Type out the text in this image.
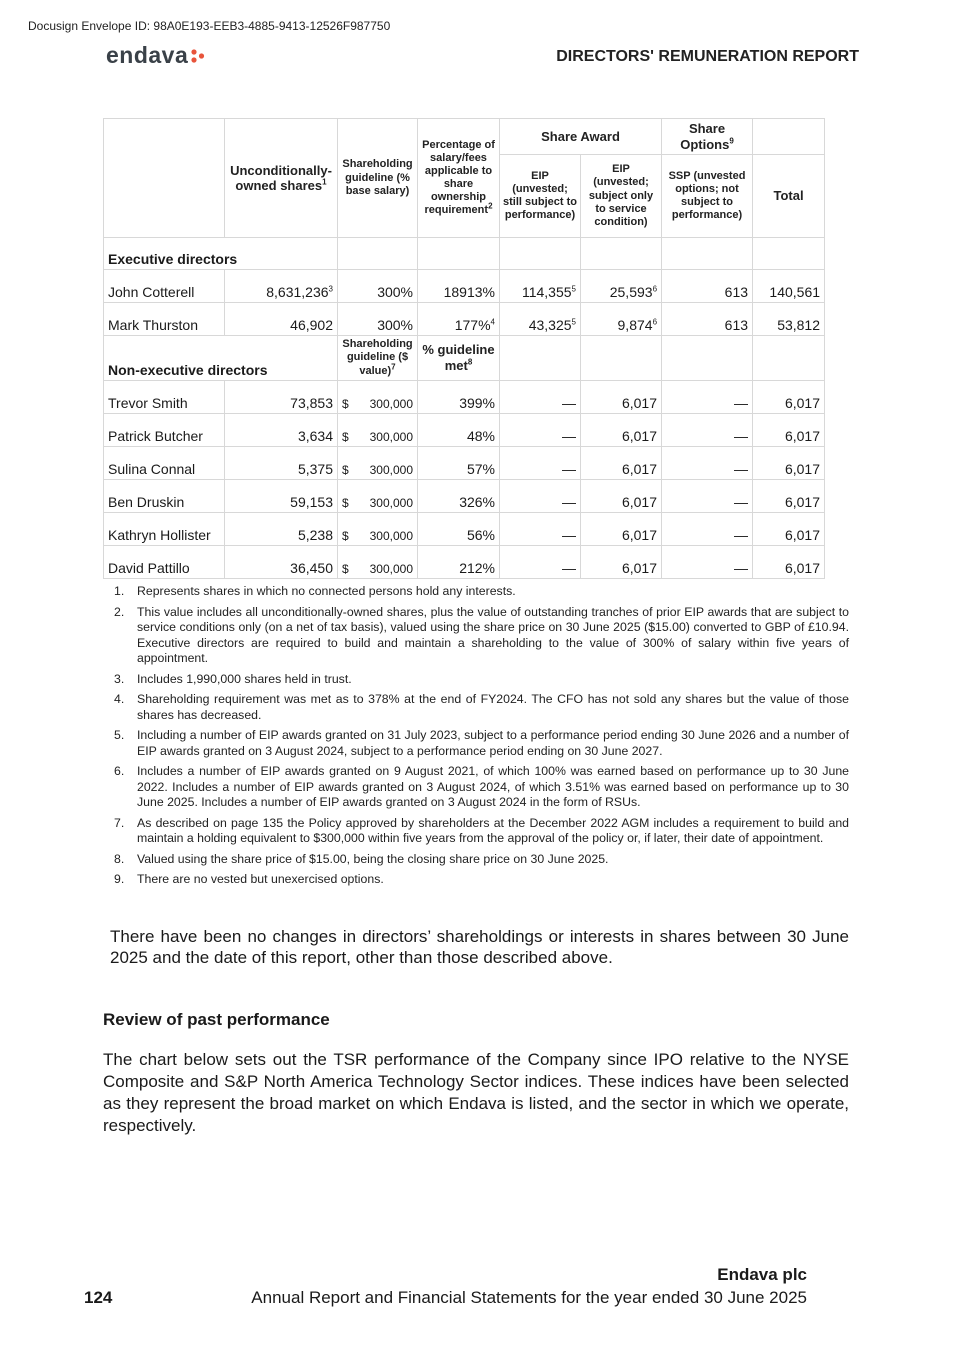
Docusign Envelope ID: 98A0E193-EEB3-4885-9413-12526F987750
endava	DIRECTORS' REMUNERATION REPORT
	Unconditionally-owned shares$^1$	Shareholding guideline (% base salary)	Percentage of salary/fees applicable to share ownership requirement$^2$	Share Award		Share Options$^9$	
				EIP (unvested; still subject to performance)	EIP (unvested; subject only to service condition)	SSP (unvested options; not subject to performance)	Total
Executive directors							
John Cotterell	8,631,236$^3$	300%	18913%	114,355$^5$	25,593$^6$	613	140,561
Mark Thurston	46,902	300%	177%$^4$	43,325$^5$	9,874$^6$	613	53,812
Non-executive directors		Shareholding guideline ($ value)$^7$	% guideline met$^8$				
Trevor Smith	73,853	$ 300,000	399%	—	6,017	—	6,017
Patrick Butcher	3,634	$ 300,000	48%	—	6,017	—	6,017
Sulina Connal	5,375	$ 300,000	57%	—	6,017	—	6,017
Ben Druskin	59,153	$ 300,000	326%	—	6,017	—	6,017
Kathryn Hollister	5,238	$ 300,000	56%	—	6,017	—	6,017
David Pattillo	36,450	$ 300,000	212%	—	6,017	—	6,017
1.	Represents shares in which no connected persons hold any interests.
2.	This value includes all unconditionally-owned shares, plus the value of outstanding tranches of prior EIP awards that are subject to service conditions only (on a net of tax basis), valued using the share price on 30 June 2025 ($15.00) converted to GBP of £10.94. Executive directors are required to build and maintain a shareholding to the value of 300% of salary within five years of appointment.
3.	Includes 1,990,000 shares held in trust.
4.	Shareholding requirement was met as to 378% at the end of FY2024. The CFO has not sold any shares but the value of those shares has decreased.
5.	Including a number of EIP awards granted on 31 July 2023, subject to a performance period ending 30 June 2026 and a number of EIP awards granted on 3 August 2024, subject to a performance period ending on 30 June 2027.
6.	Includes a number of EIP awards granted on 9 August 2021, of which 100% was earned based on performance up to 30 June 2022. Includes a number of EIP awards granted on 3 August 2024, of which 3.51% was earned based on performance up to 30 June 2025. Includes a number of EIP awards granted on 3 August 2024 in the form of RSUs.
7.	As described on page 135 the Policy approved by shareholders at the December 2022 AGM includes a requirement to build and maintain a holding equivalent to $300,000 within five years from the approval of the policy or, if later, their date of appointment.
8.	Valued using the share price of $15.00, being the closing share price on 30 June 2025.
9.	There are no vested but unexercised options.
There have been no changes in directors’ shareholdings or interests in shares between 30 June 2025 and the date of this report, other than those described above.
Review of past performance
The chart below sets out the TSR performance of the Company since IPO relative to the NYSE Composite and S&P North America Technology Sector indices. These indices have been selected as they represent the broad market on which Endava is listed, and the sector in which we operate, respectively.
Endava plc
124	Annual Report and Financial Statements for the year ended 30 June 2025
